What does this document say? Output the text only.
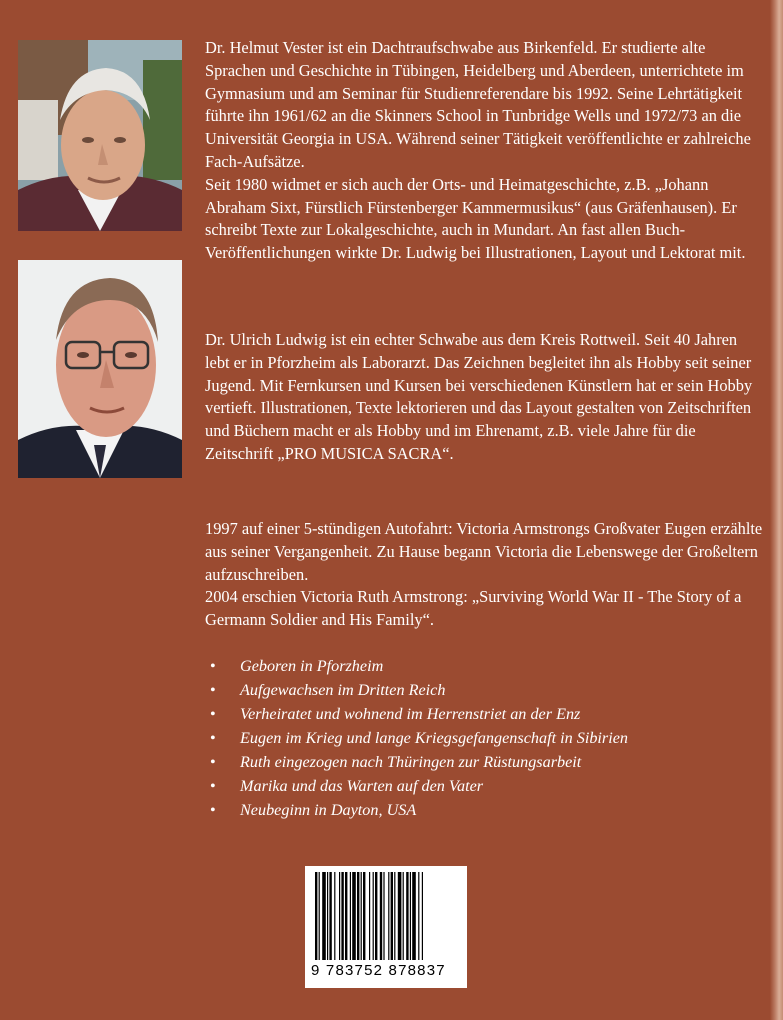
Dr. Helmut Vester ist ein Dachtraufschwabe aus Birkenfeld. Er studierte alte Sprachen und Geschichte in Tübingen, Heidelberg und Aberdeen, unterrichtete im Gymnasium und am Seminar für Studienreferendare bis 1992. Seine Lehrtätigkeit führte ihn 1961/62 an die Skinners School in Tunbridge Wells und 1972/73 an die Universität Georgia in USA. Während seiner Tätigkeit veröffentlichte er zahlreiche Fach-Aufsätze.

Seit 1980 widmet er sich auch der Orts- und Heimatgeschichte, z.B. „Johann Abraham Sixt, Fürstlich Fürstenberger Kammermusikus“ (aus Gräfenhausen). Er schreibt Texte zur Lokalgeschichte, auch in Mundart. An fast allen Buch-Veröffentlichungen wirkte Dr. Ludwig bei Illustrationen, Layout und Lektorat mit.

Dr. Ulrich Ludwig ist ein echter Schwabe aus dem Kreis Rottweil. Seit 40 Jahren lebt er in Pforzheim als Laborarzt. Das Zeichnen begleitet ihn als Hobby seit seiner Jugend. Mit Fernkursen und Kursen bei verschiedenen Künstlern hat er sein Hobby vertieft. Illustrationen, Texte lektorieren und das Layout gestalten von Zeitschriften und Büchern macht er als Hobby und im Ehrenamt, z.B. viele Jahre für die Zeitschrift „PRO MUSICA SACRA“.

1997 auf einer 5-stündigen Autofahrt: Victoria Armstrongs Großvater Eugen erzählte aus seiner Vergangenheit. Zu Hause begann Victoria die Lebenswege der Großeltern aufzuschreiben.

2004 erschien Victoria Ruth Armstrong: „Surviving World War II - The Story of a Germann Soldier and His Family“.

• Geboren in Pforzheim
• Aufgewachsen im Dritten Reich
• Verheiratet und wohnend im Herrenstriet an der Enz
• Eugen im Krieg und lange Kriegsgefangenschaft in Sibirien
• Ruth eingezogen nach Thüringen zur Rüstungsarbeit
• Marika und das Warten auf den Vater
• Neubeginn in Dayton, USA
9 783752 878837
